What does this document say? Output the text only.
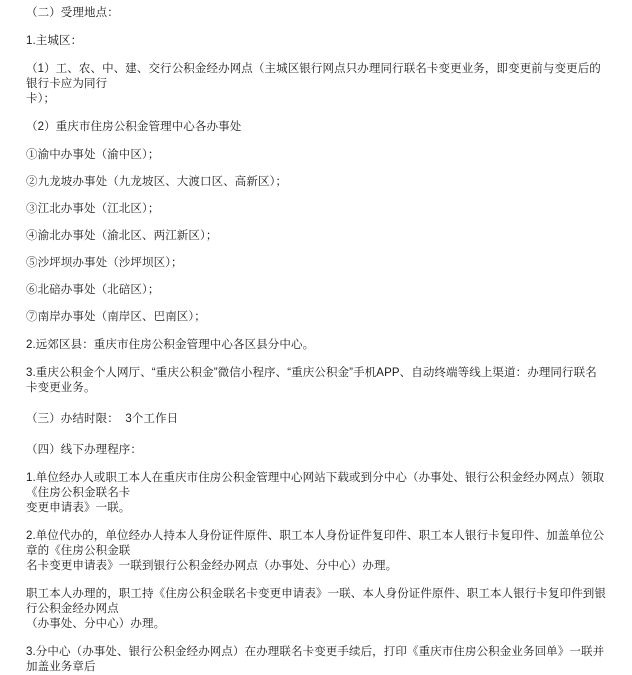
（二）受理地点：

1.主城区：

（1）工、农、中、建、交行公积金经办网点（主城区银行网点只办理同行联名卡变更业务，即变更前与变更后的银行卡应为同行

卡）；

（2）重庆市住房公积金管理中心各办事处

①渝中办事处（渝中区）；

②九龙坡办事处（九龙坡区、大渡口区、高新区）；

③江北办事处（江北区）；

④渝北办事处（渝北区、两江新区）；

⑤沙坪坝办事处（沙坪坝区）；

⑥北碚办事处（北碚区）；

⑦南岸办事处（南岸区、巴南区）；

2.远郊区县：重庆市住房公积金管理中心各区县分中心。

3.重庆公积金个人网厅、“重庆公积金”微信小程序、“重庆公积金”手机APP、自动终端等线上渠道：办理同行联名卡变更业务。

（三）办结时限：  3个工作日

（四）线下办理程序：

1.单位经办人或职工本人在重庆市住房公积金管理中心网站下载或到分中心（办事处、银行公积金经办网点）领取《住房公积金联名卡

变更申请表》一联。

2.单位代办的，单位经办人持本人身份证件原件、职工本人身份证件复印件、职工本人银行卡复印件、加盖单位公章的《住房公积金联

名卡变更申请表》一联到银行公积金经办网点（办事处、分中心）办理。

职工本人办理的，职工持《住房公积金联名卡变更申请表》一联、本人身份证件原件、职工本人银行卡复印件到银行公积金经办网点

（办事处、分中心）办理。

3.分中心（办事处、银行公积金经办网点）在办理联名卡变更手续后，打印《重庆市住房公积金业务回单》一联并加盖业务章后
